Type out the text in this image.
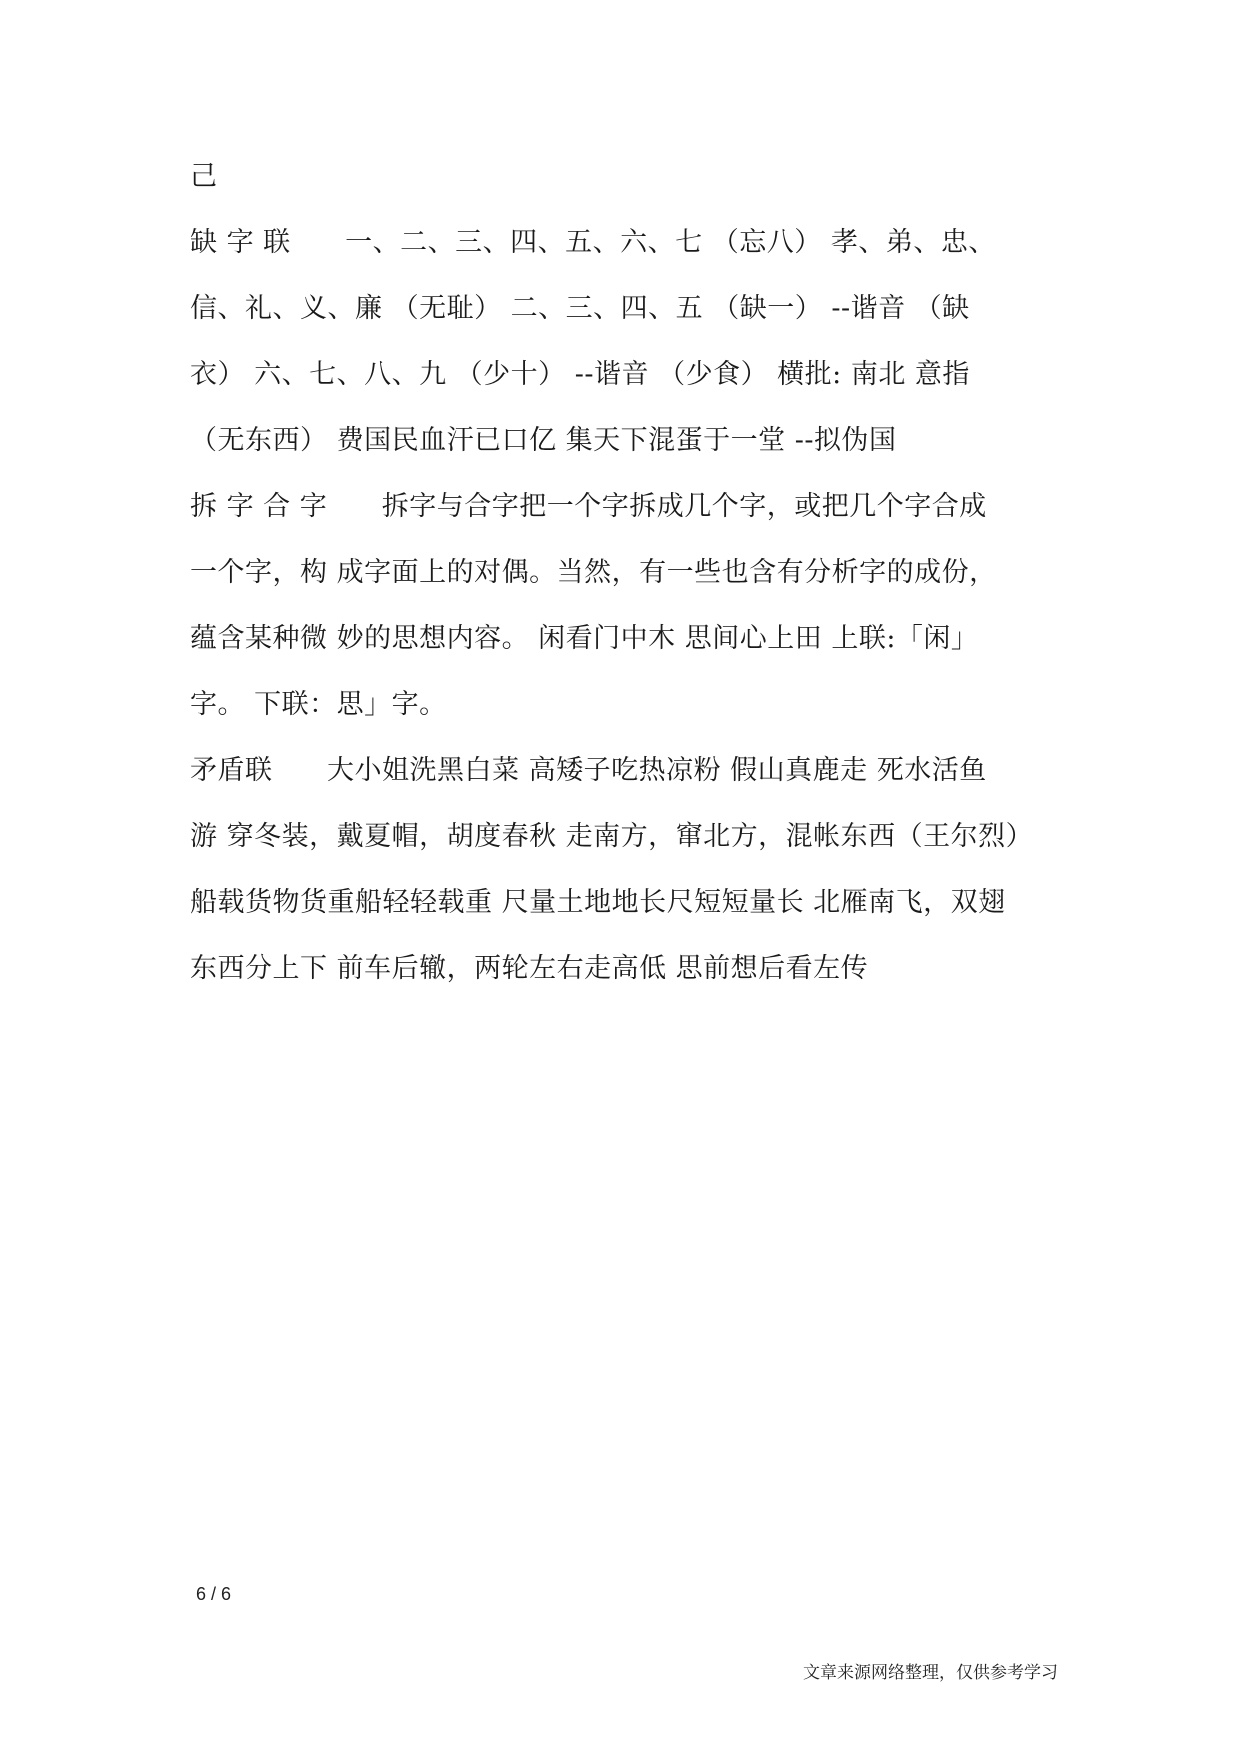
己
缺 字 联      一、二、三、四、五、六、七 （忘八） 孝、弟、忠、
信、礼、义、廉 （无耻） 二、三、四、五 （缺一） --谐音 （缺
衣） 六、七、八、九 （少十） --谐音 （少食） 横批: 南北 意指
（无东西） 费国民血汗已口亿 集天下混蛋于一堂 --拟伪国
拆 字 合 字      拆字与合字把一个字拆成几个字，或把几个字合成
一个字，构 成字面上的对偶。当然，有一些也含有分析字的成份，
蕴含某种微 妙的思想内容。 闲看门中木 思间心上田 上联:「闲」
字。 下联：思」字。
矛盾联      大小姐洗黑白菜 高矮子吃热凉粉 假山真鹿走 死水活鱼
游 穿冬装，戴夏帽，胡度春秋 走南方，窜北方，混帐东西（王尔烈）
船载货物货重船轻轻载重 尺量土地地长尺短短量长 北雁南飞，双翅
东西分上下 前车后辙，两轮左右走高低 思前想后看左传
6 / 6
文章来源网络整理，仅供参考学习
